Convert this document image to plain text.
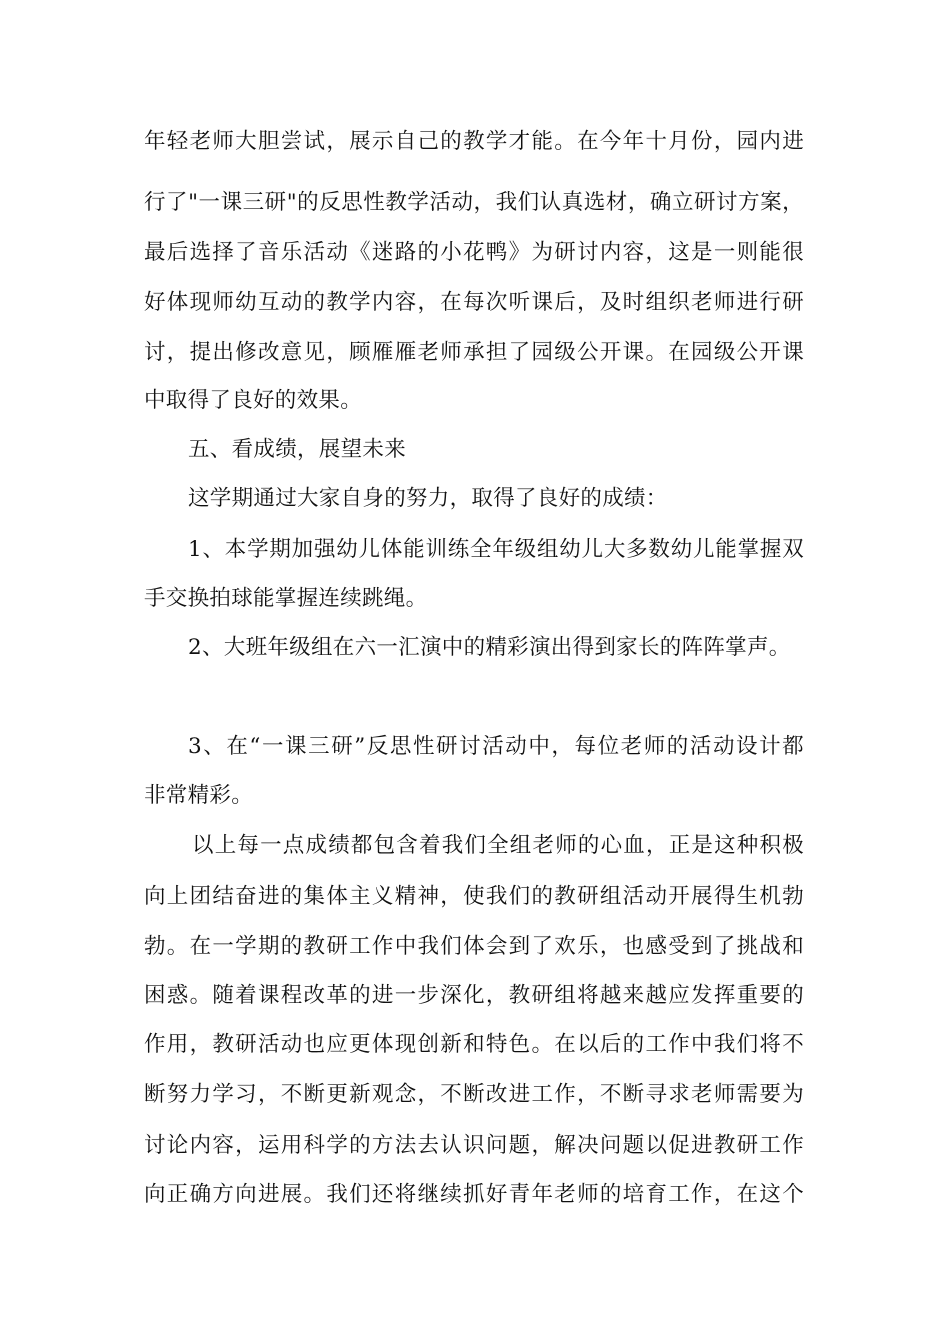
年轻老师大胆尝试，展示自己的教学才能。在今年十月份，园内进
行了"一课三研"的反思性教学活动，我们认真选材，确立研讨方案，
最后选择了音乐活动《迷路的小花鸭》为研讨内容，这是一则能很
好体现师幼互动的教学内容，在每次听课后，及时组织老师进行研
讨，提出修改意见，顾雁雁老师承担了园级公开课。在园级公开课
中取得了良好的效果。
五、看成绩，展望未来
这学期通过大家自身的努力，取得了良好的成绩：
1、本学期加强幼儿体能训练全年级组幼儿大多数幼儿能掌握双
手交换拍球能掌握连续跳绳。
2、大班年级组在六一汇演中的精彩演出得到家长的阵阵掌声。
3、在“一课三研”反思性研讨活动中，每位老师的活动设计都
非常精彩。
以上每一点成绩都包含着我们全组老师的心血，正是这种积极
向上团结奋进的集体主义精神，使我们的教研组活动开展得生机勃
勃。在一学期的教研工作中我们体会到了欢乐，也感受到了挑战和
困惑。随着课程改革的进一步深化，教研组将越来越应发挥重要的
作用，教研活动也应更体现创新和特色。在以后的工作中我们将不
断努力学习，不断更新观念，不断改进工作，不断寻求老师需要为
讨论内容，运用科学的方法去认识问题，解决问题以促进教研工作
向正确方向进展。我们还将继续抓好青年老师的培育工作，在这个
